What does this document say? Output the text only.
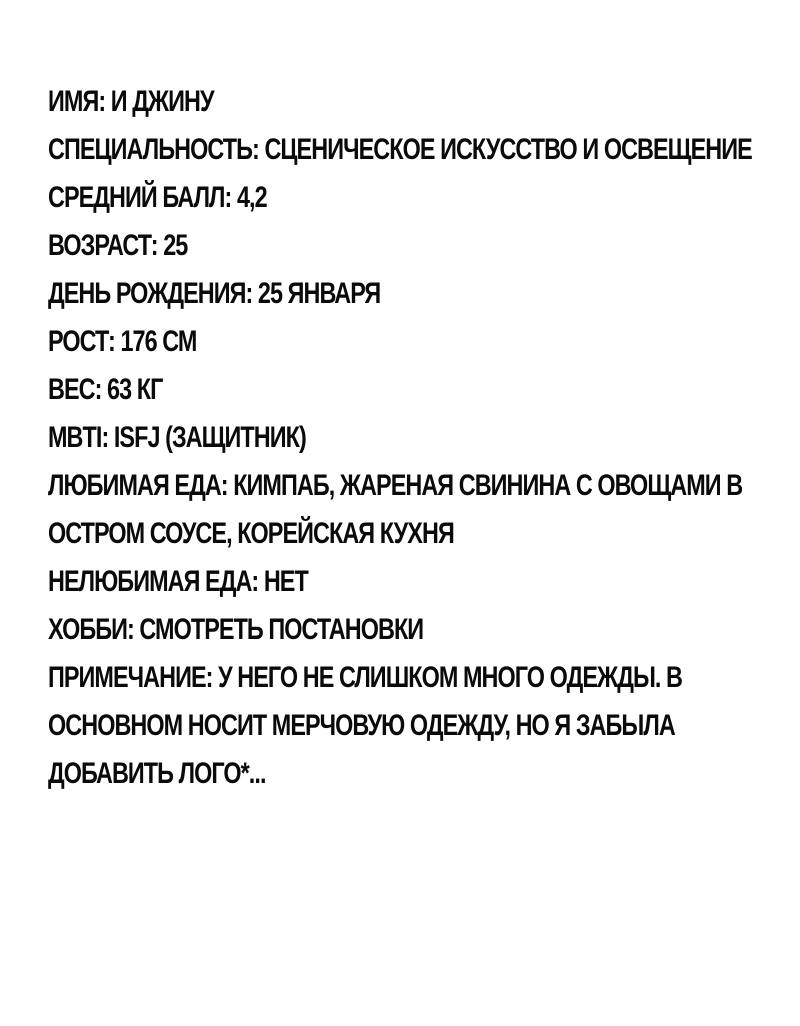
ИМЯ: И ДЖИНУ
СПЕЦИАЛЬНОСТЬ: СЦЕНИЧЕСКОЕ ИСКУССТВО И ОСВЕЩЕНИЕ
СРЕДНИЙ БАЛЛ: 4,2
ВОЗРАСТ: 25
ДЕНЬ РОЖДЕНИЯ: 25 ЯНВАРЯ
РОСТ: 176 СМ
ВЕС: 63 КГ
MBTI: ISFJ (ЗАЩИТНИК)
ЛЮБИМАЯ ЕДА: КИМПАБ, ЖАРЕНАЯ СВИНИНА С ОВОЩАМИ В
ОСТРОМ СОУСЕ, КОРЕЙСКАЯ КУХНЯ
НЕЛЮБИМАЯ ЕДА: НЕТ
ХОББИ: СМОТРЕТЬ ПОСТАНОВКИ
ПРИМЕЧАНИЕ: У НЕГО НЕ СЛИШКОМ МНОГО ОДЕЖДЫ. В
ОСНОВНОМ НОСИТ МЕРЧОВУЮ ОДЕЖДУ, НО Я ЗАБЫЛА
ДОБАВИТЬ ЛОГО*...
